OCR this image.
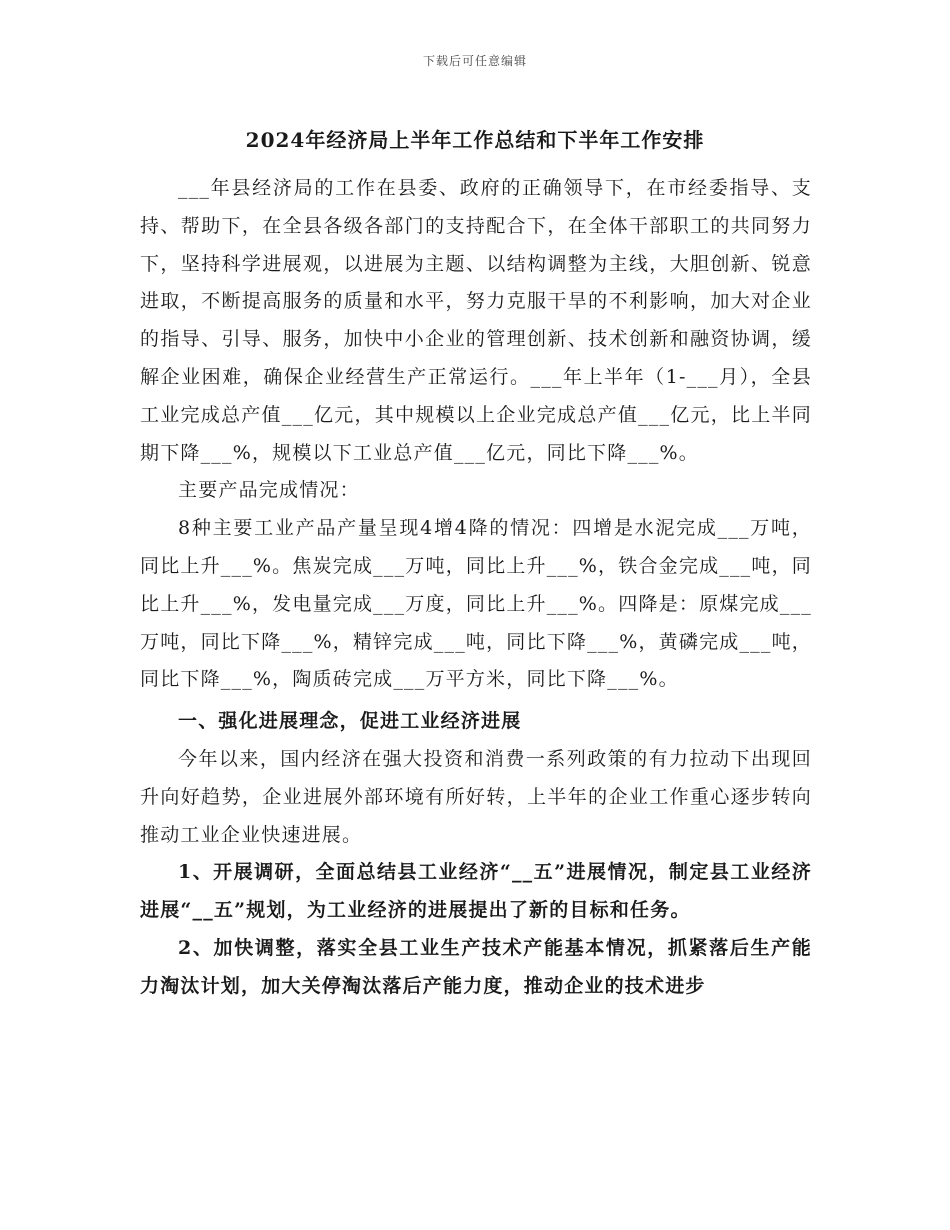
下载后可任意编辑
2024年经济局上半年工作总结和下半年工作安排

___年县经济局的工作在县委、政府的正确领导下，在市经委指导、支持、帮助下，在全县各级各部门的支持配合下，在全体干部职工的共同努力下，坚持科学进展观，以进展为主题、以结构调整为主线，大胆创新、锐意进取，不断提高服务的质量和水平，努力克服干旱的不利影响，加大对企业的指导、引导、服务，加快中小企业的管理创新、技术创新和融资协调，缓解企业困难，确保企业经营生产正常运行。___年上半年（1-___月），全县工业完成总产值___亿元，其中规模以上企业完成总产值___亿元，比上半同期下降___%，规模以下工业总产值___亿元，同比下降___%。

主要产品完成情况：

8种主要工业产品产量呈现4增4降的情况：四增是水泥完成___万吨，同比上升___%。焦炭完成___万吨，同比上升___%，铁合金完成___吨，同比上升___%，发电量完成___万度，同比上升___%。四降是：原煤完成___万吨，同比下降___%，精锌完成___吨，同比下降___%，黄磷完成___吨，同比下降___%，陶质砖完成___万平方米，同比下降___%。

一、强化进展理念，促进工业经济进展

今年以来，国内经济在强大投资和消费一系列政策的有力拉动下出现回升向好趋势，企业进展外部环境有所好转，上半年的企业工作重心逐步转向推动工业企业快速进展。

1、开展调研，全面总结县工业经济“__五”进展情况，制定县工业经济进展“__五”规划，为工业经济的进展提出了新的目标和任务。

2、加快调整，落实全县工业生产技术产能基本情况，抓紧落后生产能力淘汰计划，加大关停淘汰落后产能力度，推动企业的技术进步
